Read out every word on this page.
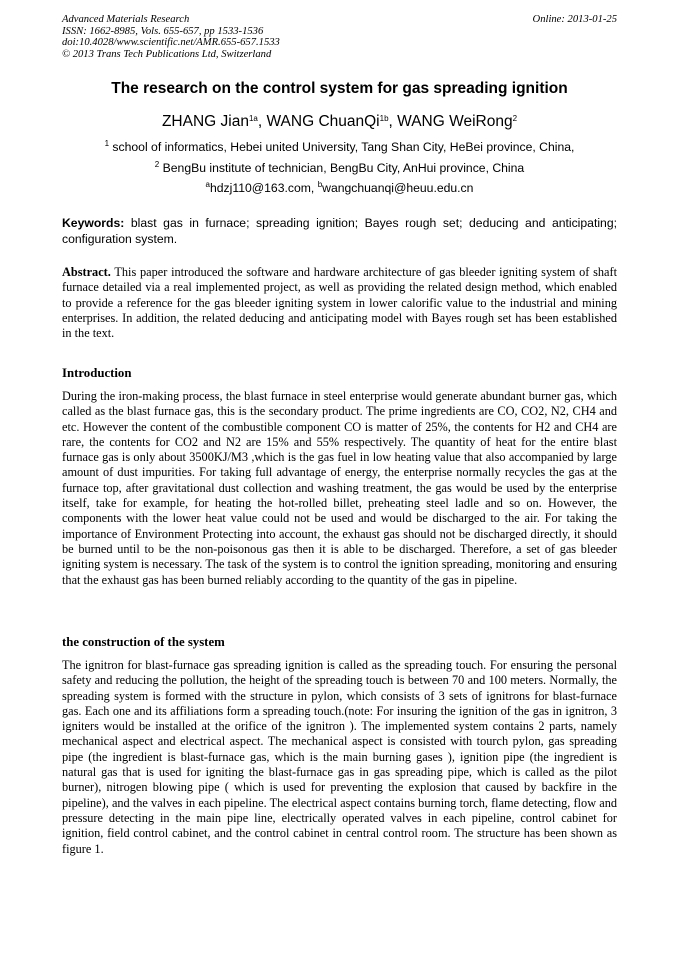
Advanced Materials Research
ISSN: 1662-8985, Vols. 655-657, pp 1533-1536
doi:10.4028/www.scientific.net/AMR.655-657.1533
© 2013 Trans Tech Publications Ltd, Switzerland
Online: 2013-01-25
The research on the control system for gas spreading ignition
ZHANG Jian$^{1a}$, WANG ChuanQi$^{1b}$, WANG WeiRong$^2$
$^1$ school of informatics, Hebei united University, Tang Shan City, HeBei province, China,
$^2$ BengBu institute of technician, BengBu City, AnHui province, China
$^a$hdzj110@163.com, $^b$wangchuanqi@heuu.edu.cn
Keywords: blast gas in furnace; spreading ignition; Bayes rough set; deducing and anticipating; configuration system.
Abstract. This paper introduced the software and hardware architecture of gas bleeder igniting system of shaft furnace detailed via a real implemented project, as well as providing the related design method, which enabled to provide a reference for the gas bleeder igniting system in lower calorific value to the industrial and mining enterprises. In addition, the related deducing and anticipating model with Bayes rough set has been established in the text.
Introduction
During the iron-making process, the blast furnace in steel enterprise would generate abundant burner gas, which called as the blast furnace gas, this is the secondary product. The prime ingredients are CO, CO2, N2, CH4 and etc. However the content of the combustible component CO is matter of 25%, the contents for H2 and CH4 are rare, the contents for CO2 and N2 are 15% and 55% respectively. The quantity of heat for the entire blast furnace gas is only about 3500KJ/M3 ,which is the gas fuel in low heating value that also accompanied by large amount of dust impurities. For taking full advantage of energy, the enterprise normally recycles the gas at the furnace top, after gravitational dust collection and washing treatment, the gas would be used by the enterprise itself, take for example, for heating the hot-rolled billet, preheating steel ladle and so on. However, the components with the lower heat value could not be used and would be discharged to the air. For taking the importance of Environment Protecting into account, the exhaust gas should not be discharged directly, it should be burned until to be the non-poisonous gas then it is able to be discharged. Therefore, a set of gas bleeder igniting system is necessary. The task of the system is to control the ignition spreading, monitoring and ensuring that the exhaust gas has been burned reliably according to the quantity of the gas in pipeline.
the construction of the system
The ignitron for blast-furnace gas spreading ignition is called as the spreading touch. For ensuring the personal safety and reducing the pollution, the height of the spreading touch is between 70 and 100 meters. Normally, the spreading system is formed with the structure in pylon, which consists of 3 sets of ignitrons for blast-furnace gas. Each one and its affiliations form a spreading touch.(note: For insuring the ignition of the gas in ignitron, 3 igniters would be installed at the orifice of the ignitron ). The implemented system contains 2 parts, namely mechanical aspect and electrical aspect. The mechanical aspect is consisted with tourch pylon, gas spreading pipe (the ingredient is blast-furnace gas, which is the main burning gases ), ignition pipe (the ingredient is natural gas that is used for igniting the blast-furnace gas in gas spreading pipe, which is called as the pilot burner), nitrogen blowing pipe ( which is used for preventing the explosion that caused by backfire in the pipeline), and the valves in each pipeline. The electrical aspect contains burning torch, flame detecting, flow and pressure detecting in the main pipe line, electrically operated valves in each pipeline, control cabinet for ignition, field control cabinet, and the control cabinet in central control room. The structure has been shown as figure 1.
